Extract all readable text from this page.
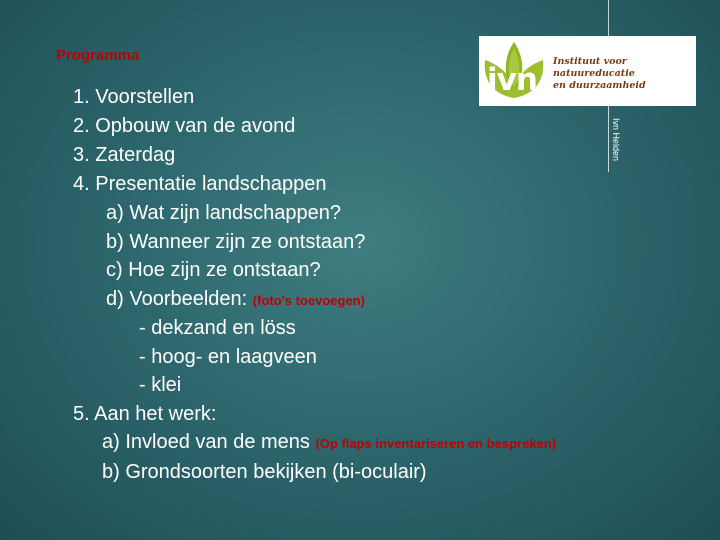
Ivn Helden
Programma
ivn
Instituut voor natuureducatie
en duurzaamheid
1. Voorstellen
2. Opbouw van de avond
3. Zaterdag
4. Presentatie landschappen
a) Wat zijn landschappen?
b) Wanneer zijn ze ontstaan?
c) Hoe zijn ze ontstaan?
d) Voorbeelden: (foto's toevoegen)
- dekzand en löss
- hoog- en laagveen
- klei
5. Aan het werk:
a) Invloed van de mens (Op flaps inventariseren en bespreken)
b) Grondsoorten bekijken (bi-oculair)
